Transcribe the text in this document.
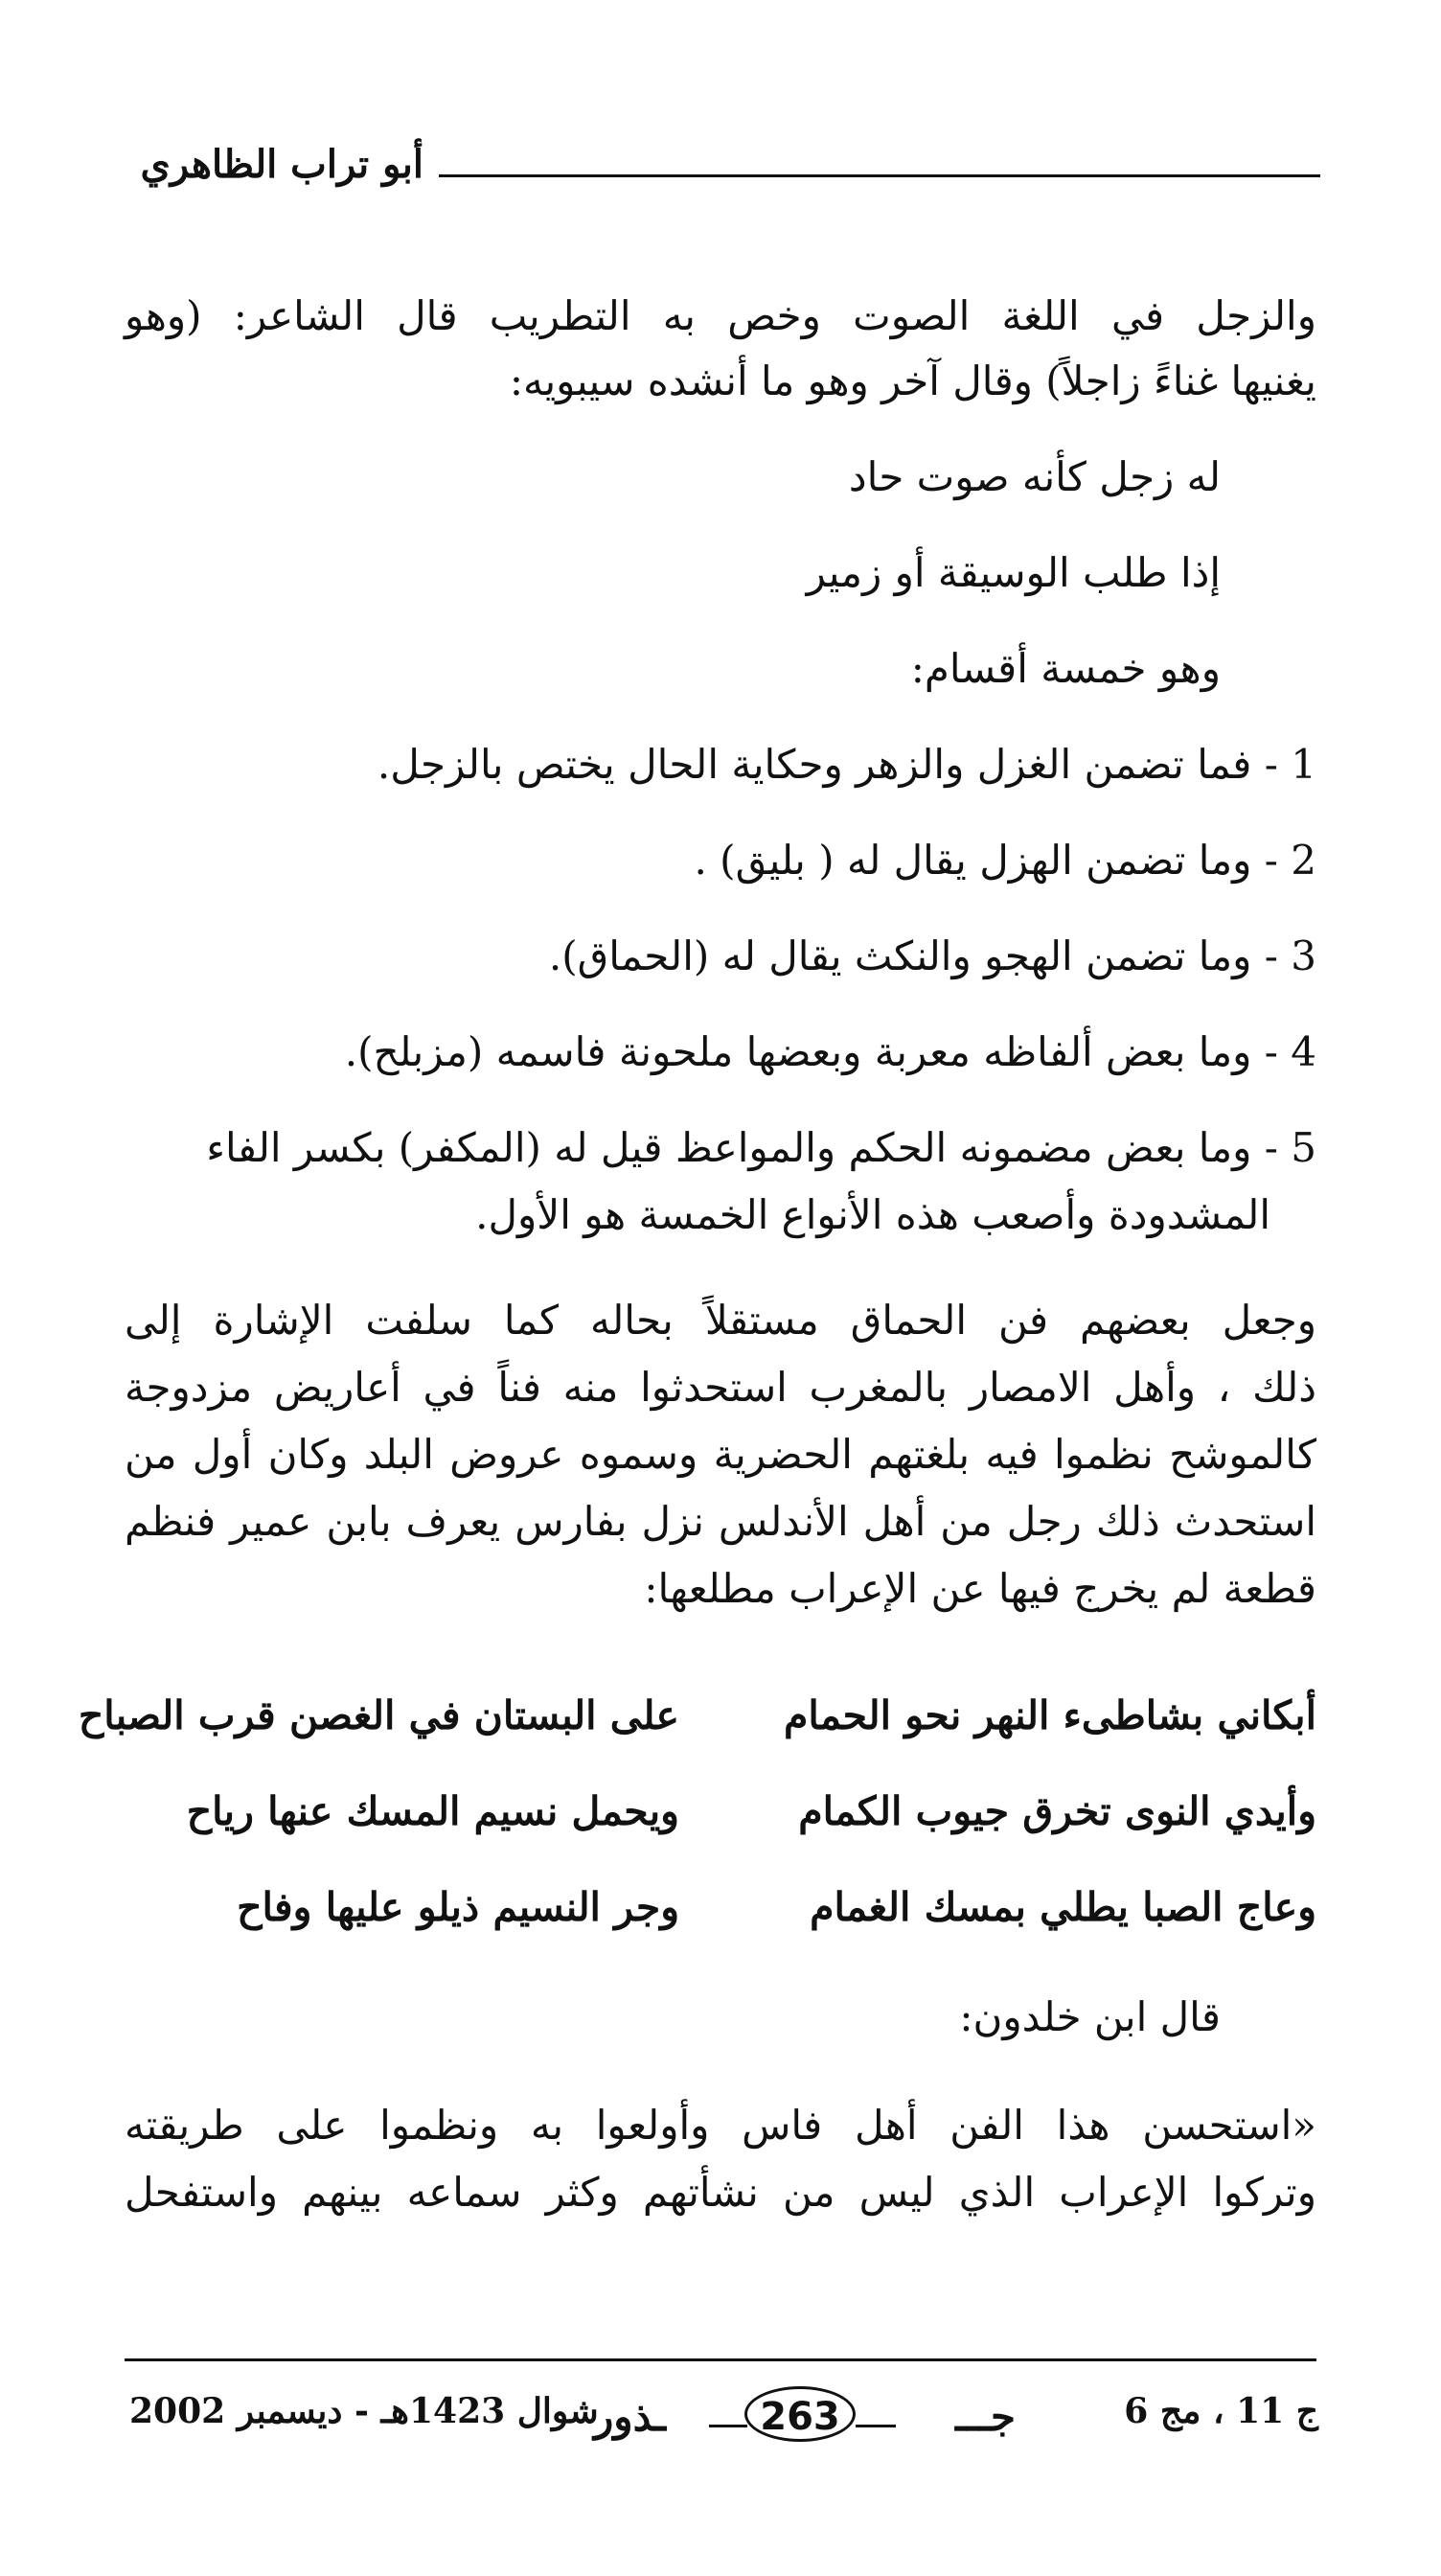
أبو تراب الظاهري
والزجل في اللغة الصوت وخص به التطريب قال الشاعر: (وهو
يغنيها غناءً زاجلاً) وقال آخر وهو ما أنشده سيبويه:
له زجل كأنه صوت حاد
إذا طلب الوسيقة أو زمير
وهو خمسة أقسام:
1 - فما تضمن الغزل والزهر وحكاية الحال يختص بالزجل.
2 - وما تضمن الهزل يقال له ( بليق) .
3 - وما تضمن الهجو والنكث يقال له (الحماق).
4 - وما بعض ألفاظه معربة وبعضها ملحونة فاسمه (مزبلح).
5 - وما بعض مضمونه الحكم والمواعظ قيل له (المكفر) بكسر الفاء
المشدودة وأصعب هذه الأنواع الخمسة هو الأول.
وجعل بعضهم فن الحماق مستقلاً بحاله كما سلفت الإشارة إلى
ذلك ، وأهل الامصار بالمغرب استحدثوا منه فناً في أعاريض مزدوجة
كالموشح نظموا فيه بلغتهم الحضرية وسموه عروض البلد وكان أول من
استحدث ذلك رجل من أهل الأندلس نزل بفارس يعرف بابن عمير فنظم
قطعة لم يخرج فيها عن الإعراب مطلعها:
أبكاني بشاطىء النهر نحو الحمام
على البستان في الغصن قرب الصباح
وأيدي النوى تخرق جيوب الكمام
ويحمل نسيم المسك عنها رياح
وعاج الصبا يطلي بمسك الغمام
وجر النسيم ذيلو عليها وفاح
قال ابن خلدون:
«استحسن هذا الفن أهل فاس وأولعوا به ونظموا على طريقته
وتركوا الإعراب الذي ليس من نشأتهم وكثر سماعه بينهم واستفحل
ج 11 ، مج 6
جـــ
263
ـذور
شوال 1423هـ - ديسمبر 2002
